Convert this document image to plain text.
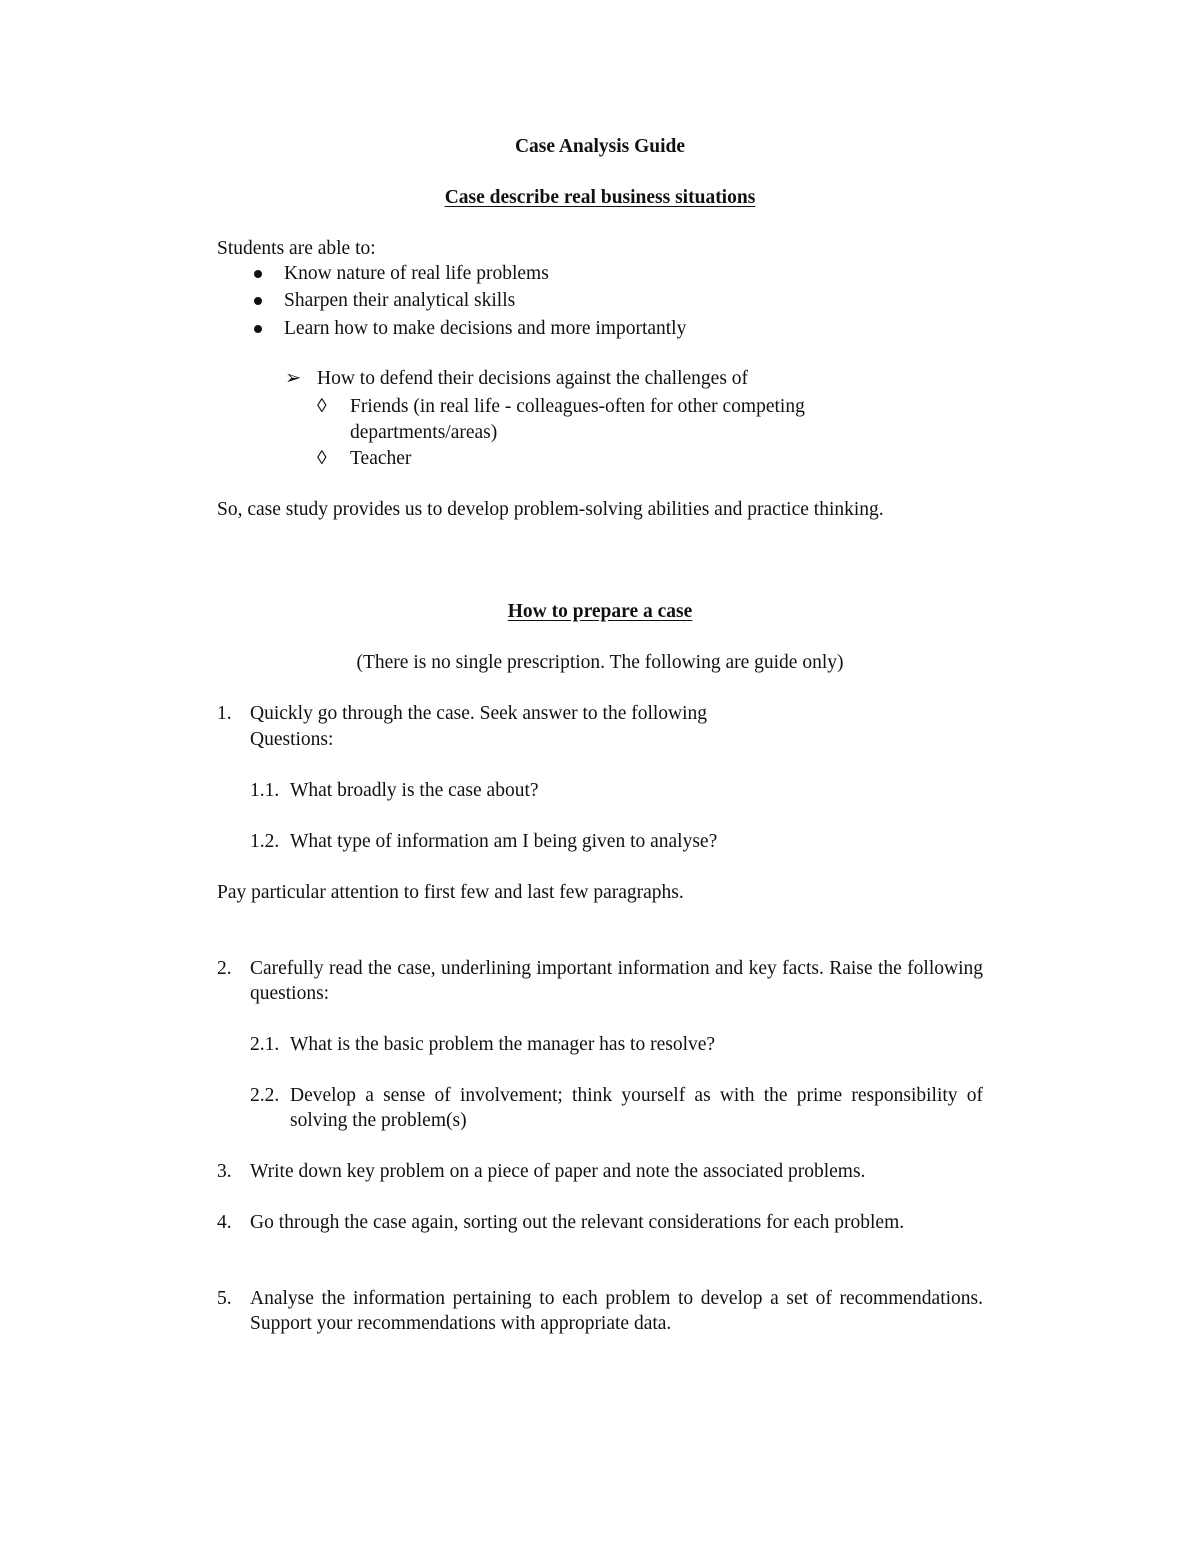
Case Analysis Guide
Case describe real business situations
Students are able to:
Know nature of real life problems
Sharpen their analytical skills
Learn how to make decisions and more importantly
➢ How to defend their decisions against the challenges of
◊ Friends (in real life - colleagues-often for other competing
departments/areas)
◊ Teacher
So, case study provides us to develop problem-solving abilities and practice thinking.
How to prepare a case
(There is no single prescription. The following are guide only)
1. Quickly go through the case. Seek answer to the following
Questions:
1.1. What broadly is the case about?
1.2. What type of information am I being given to analyse?
Pay particular attention to first few and last few paragraphs.
2. Carefully read the case, underlining important information and key facts. Raise the following questions:
2.1. What is the basic problem the manager has to resolve?
2.2. Develop a sense of involvement; think yourself as with the prime responsibility of solving the problem(s)
3. Write down key problem on a piece of paper and note the associated problems.
4. Go through the case again, sorting out the relevant considerations for each problem.
5. Analyse the information pertaining to each problem to develop a set of recommendations. Support your recommendations with appropriate data.
